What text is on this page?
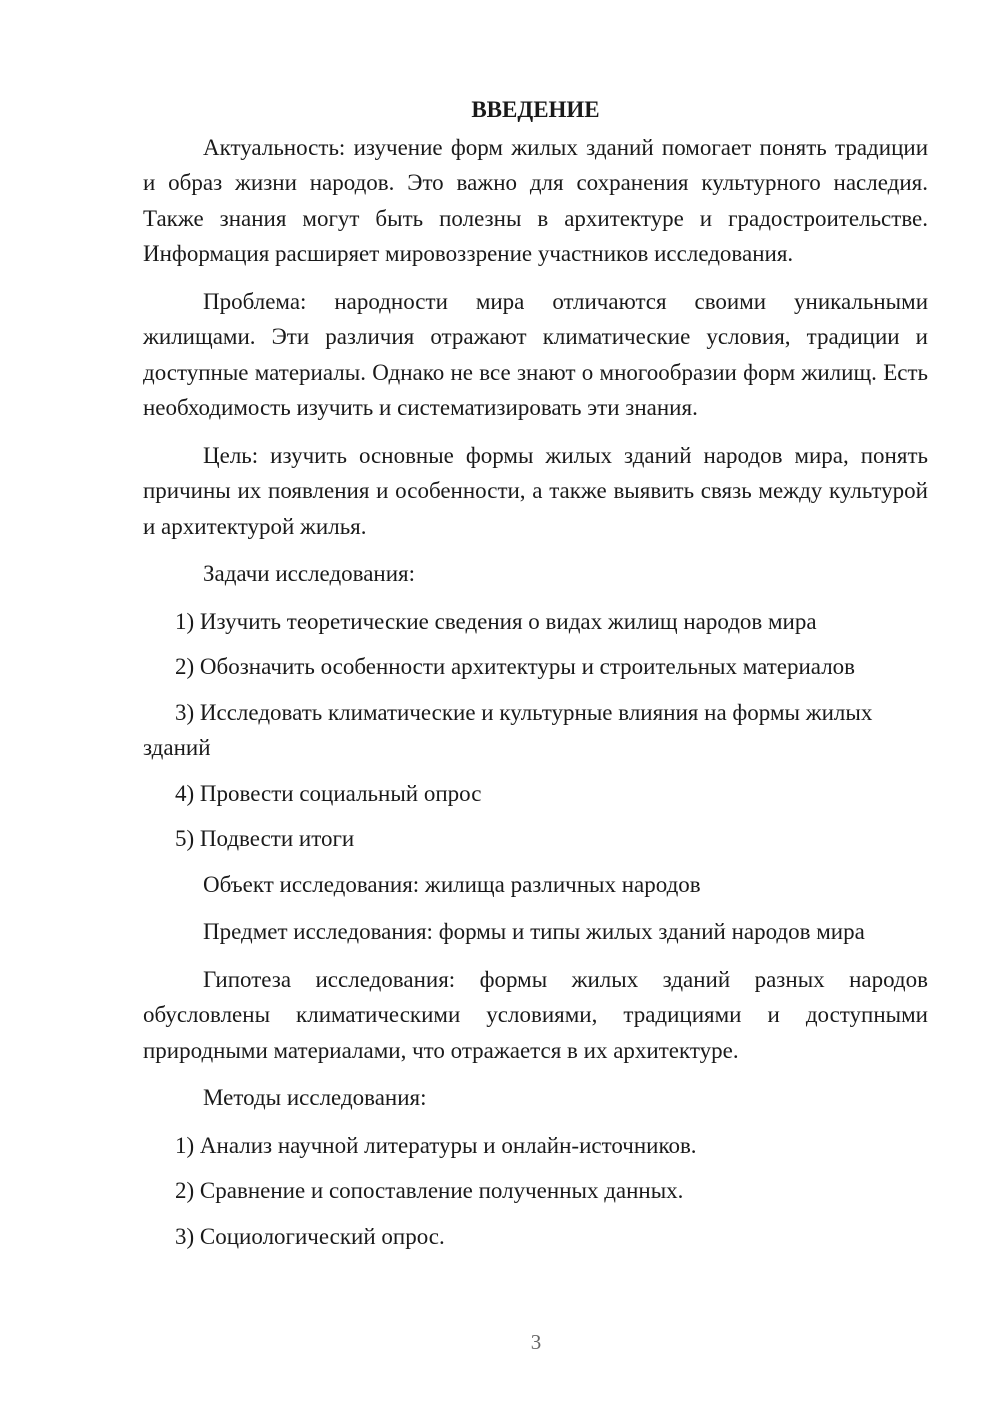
ВВЕДЕНИЕ

Актуальность: изучение форм жилых зданий помогает понять традиции и образ жизни народов. Это важно для сохранения культурного наследия. Также знания могут быть полезны в архитектуре и градостроительстве. Информация расширяет мировоззрение участников исследования.

Проблема: народности мира отличаются своими уникальными жилищами. Эти различия отражают климатические условия, традиции и доступные материалы. Однако не все знают о многообразии форм жилищ. Есть необходимость изучить и систематизировать эти знания.

Цель: изучить основные формы жилых зданий народов мира, понять причины их появления и особенности, а также выявить связь между культурой и архитектурой жилья.

Задачи исследования:

1) Изучить теоретические сведения о видах жилищ народов мира

2) Обозначить особенности архитектуры и строительных материалов

3) Исследовать климатические и культурные влияния на формы жилых зданий

4) Провести социальный опрос

5) Подвести итоги

Объект исследования: жилища различных народов

Предмет исследования: формы и типы жилых зданий народов мира

Гипотеза исследования: формы жилых зданий разных народов обусловлены климатическими условиями, традициями и доступными природными материалами, что отражается в их архитектуре.

Методы исследования:

1) Анализ научной литературы и онлайн-источников.

2) Сравнение и сопоставление полученных данных.

3) Социологический опрос.

3
